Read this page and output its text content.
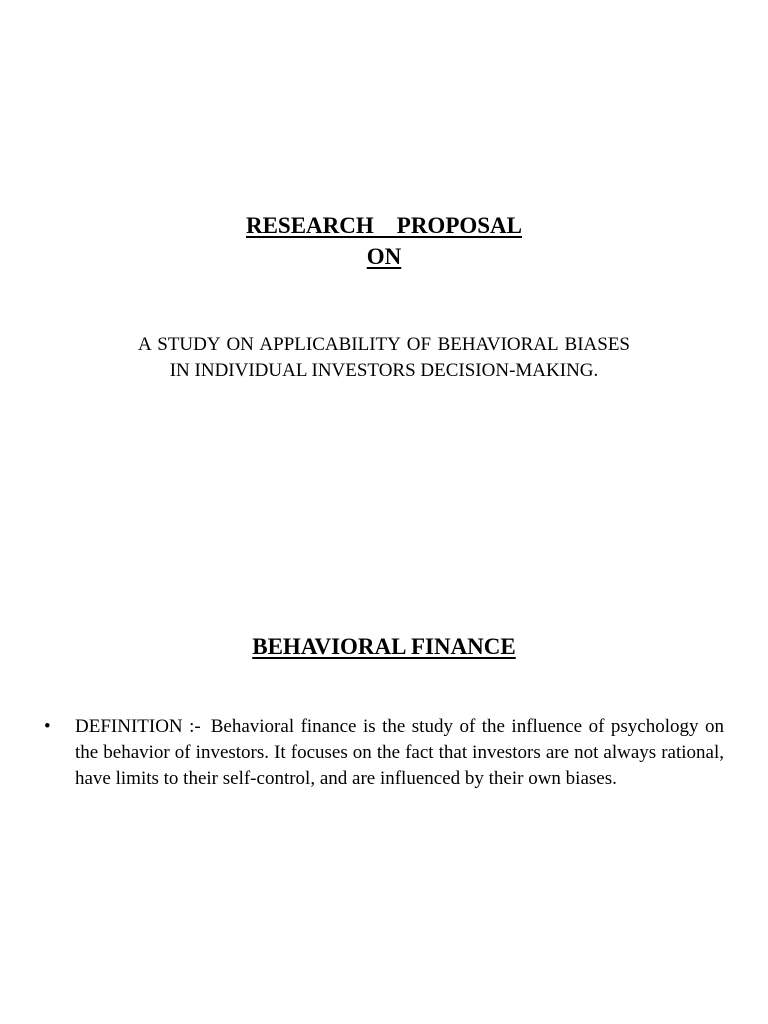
RESEARCH    PROPOSAL
ON
A STUDY ON APPLICABILITY OF BEHAVIORAL BIASES IN INDIVIDUAL INVESTORS DECISION-MAKING.
BEHAVIORAL FINANCE
• DEFINITION :- Behavioral finance is the study of the influence of psychology on the behavior of investors. It focuses on the fact that investors are not always rational, have limits to their self-control, and are influenced by their own biases.
